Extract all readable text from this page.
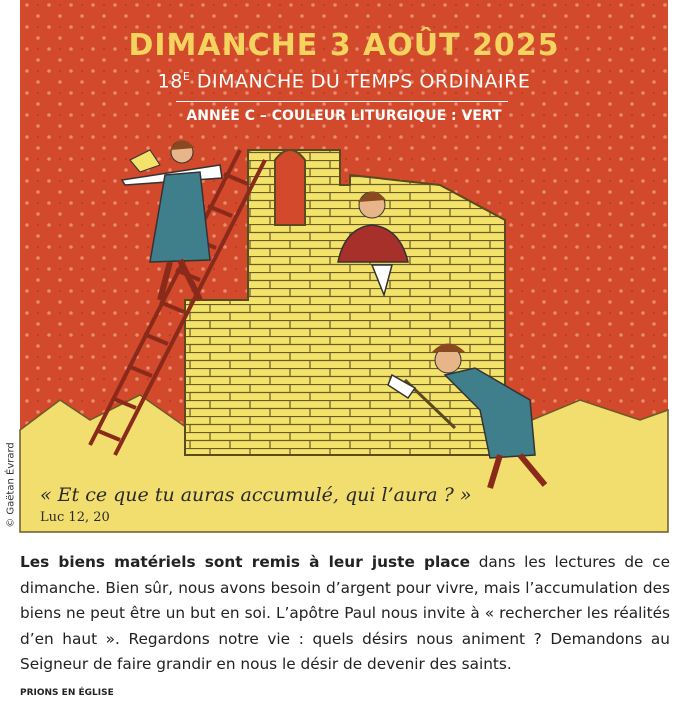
DIMANCHE 3 AOÛT 2025
$18^E$ DIMANCHE DU TEMPS ORDINAIRE
ANNÉE C – COULEUR LITURGIQUE : VERT
« Et ce que tu auras accumulé, qui l’aura ? »
Luc 12, 20
© Gaëtan Évrard
Les biens matériels sont remis à leur juste place dans les lectures de ce dimanche. Bien sûr, nous avons besoin d’argent pour vivre, mais l’accumulation des biens ne peut être un but en soi. L’apôtre Paul nous invite à « rechercher les réalités d’en haut ». Regardons notre vie : quels désirs nous animent ? Demandons au Seigneur de faire grandir en nous le désir de devenir des saints.
PRIONS EN ÉGLISE
